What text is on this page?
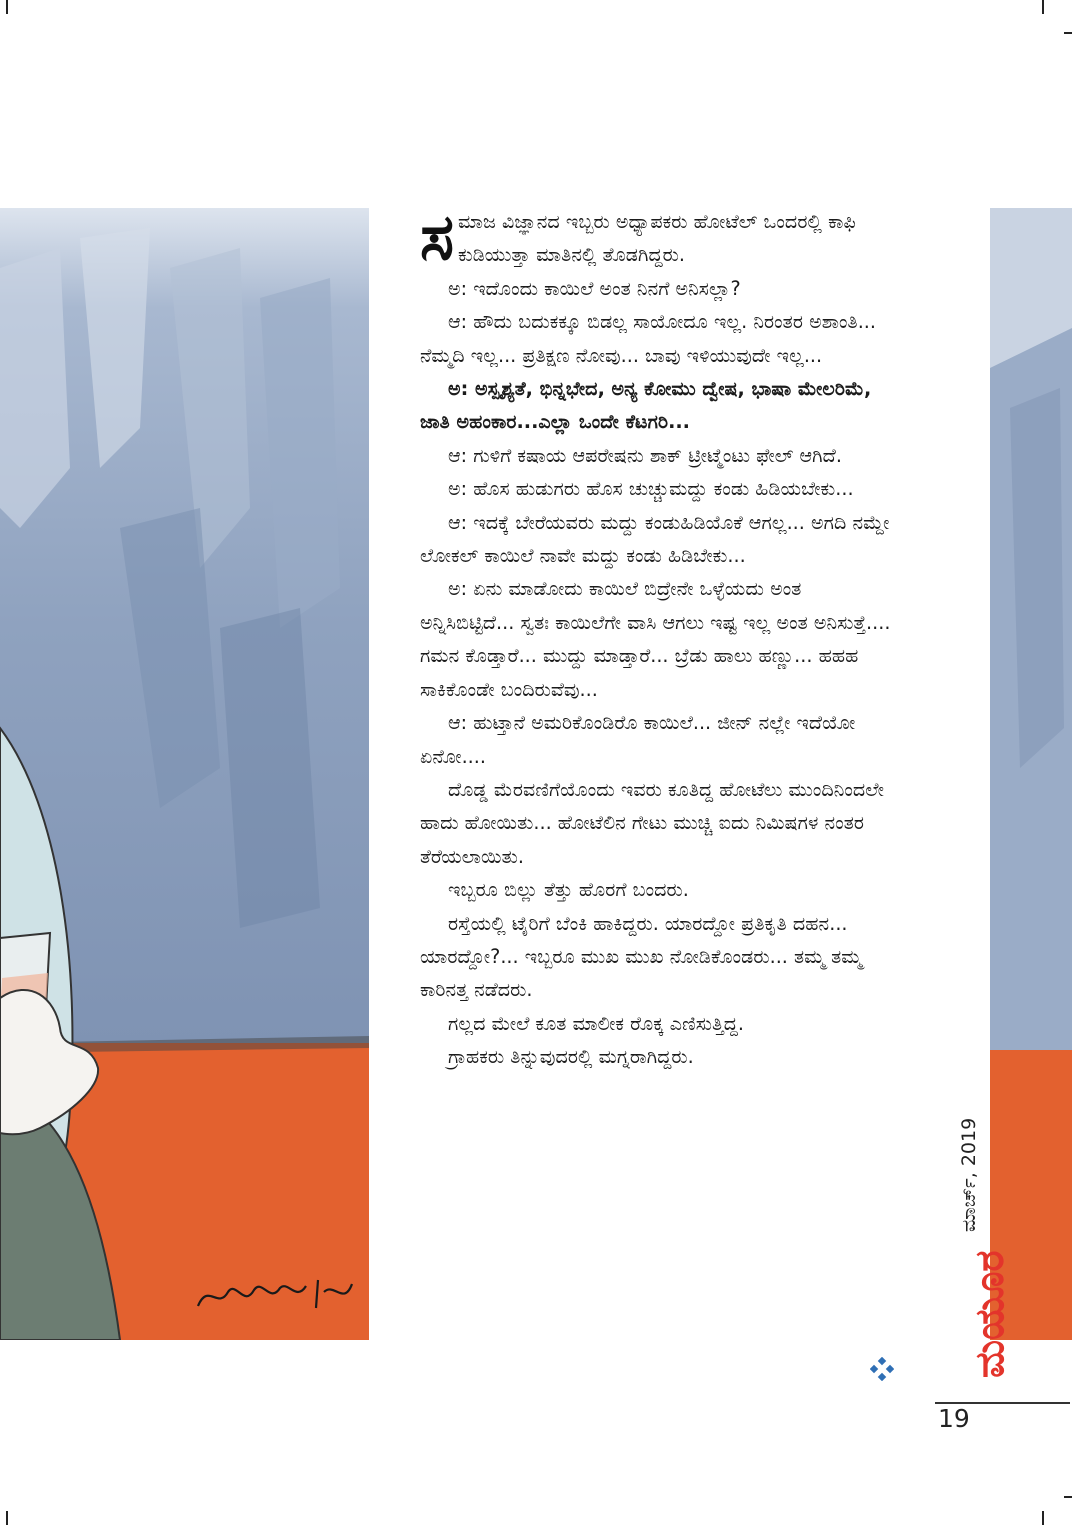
ಚಿತ್ರ: ಮಣಿ ಭಟ್

ಸಮಾಜ ವಿಜ್ಞಾನದ ಇಬ್ಬರು ಅಧ್ಯಾಪಕರು ಹೋಟೆಲ್ ಒಂದರಲ್ಲಿ ಕಾಫಿ ಕುಡಿಯುತ್ತಾ ಮಾತಿನಲ್ಲಿ ತೊಡಗಿದ್ದರು.

ಅ: ಇದೊಂದು ಕಾಯಿಲೆ ಅಂತ ನಿನಗೆ ಅನಿಸಲ್ಲಾ?

ಆ: ಹೌದು ಬದುಕಕ್ಕೂ ಬಿಡಲ್ಲ ಸಾಯೋದೂ ಇಲ್ಲ. ನಿರಂತರ ಅಶಾಂತಿ... ನೆಮ್ಮದಿ ಇಲ್ಲ... ಪ್ರತಿಕ್ಷಣ ನೋವು... ಬಾವು ಇಳಿಯುವುದೇ ಇಲ್ಲ...

ಅ: ಅಸ್ಪೃಶ್ಯತೆ, ಭಿನ್ನಭೇದ, ಅನ್ಯ ಕೋಮು ದ್ವೇಷ, ಭಾಷಾ ಮೇಲರಿಮೆ, ಜಾತಿ ಅಹಂಕಾರ...ಎಲ್ಲಾ ಒಂದೇ ಕೆಟಗರಿ...

ಆ: ಗುಳಿಗೆ ಕಷಾಯ ಆಪರೇಷನು ಶಾಕ್ ಟ್ರೀಟ್ಮೆಂಟು ಫೇಲ್ ಆಗಿದೆ.

ಅ: ಹೊಸ ಹುಡುಗರು ಹೊಸ ಚುಚ್ಚುಮದ್ದು ಕಂಡು ಹಿಡಿಯಬೇಕು...

ಆ: ಇದಕ್ಕೆ ಬೇರೆಯವರು ಮದ್ದು ಕಂಡುಹಿಡಿಯೊಕೆ ಆಗಲ್ಲ... ಅಗದಿ ನಮ್ದೇ ಲೋಕಲ್ ಕಾಯಿಲೆ ನಾವೇ ಮದ್ದು ಕಂಡು ಹಿಡಿಬೇಕು...

ಅ: ಏನು ಮಾಡೋದು ಕಾಯಿಲೆ ಬಿದ್ರೇನೇ ಒಳ್ಳೆಯದು ಅಂತ ಅನ್ನಿಸಿಬಿಟ್ಟಿದೆ... ಸ್ವತಃ ಕಾಯಿಲೆಗೇ ವಾಸಿ ಆಗಲು ಇಷ್ಟ ಇಲ್ಲ ಅಂತ ಅನಿಸುತ್ತೆ.... ಗಮನ ಕೊಡ್ತಾರೆ... ಮುದ್ದು ಮಾಡ್ತಾರೆ... ಬ್ರೆಡು ಹಾಲು ಹಣ್ಣು... ಹಹಹ ಸಾಕಿಕೊಂಡೇ ಬಂದಿರುವೆವು...

ಆ: ಹುಟ್ತಾನೆ ಅಮರಿಕೊಂಡಿರೊ ಕಾಯಿಲೆ... ಜೀನ್ ನಲ್ಲೇ ಇದೆಯೋ ಏನೋ....

ದೊಡ್ಡ ಮೆರವಣಿಗೆಯೊಂದು ಇವರು ಕೂತಿದ್ದ ಹೋಟೆಲು ಮುಂದಿನಿಂದಲೇ ಹಾದು ಹೋಯಿತು... ಹೋಟೆಲಿನ ಗೇಟು ಮುಚ್ಚಿ ಐದು ನಿಮಿಷಗಳ ನಂತರ ತೆರೆಯಲಾಯಿತು.

ಇಬ್ಬರೂ ಬಿಲ್ಲು ತೆತ್ತು ಹೊರಗೆ ಬಂದರು.

ರಸ್ತೆಯಲ್ಲಿ ಟೈರಿಗೆ ಬೆಂಕಿ ಹಾಕಿದ್ದರು. ಯಾರದ್ದೋ ಪ್ರತಿಕೃತಿ ದಹನ... ಯಾರದ್ದೋ?... ಇಬ್ಬರೂ ಮುಖ ಮುಖ ನೋಡಿಕೊಂಡರು... ತಮ್ಮ ತಮ್ಮ ಕಾರಿನತ್ತ ನಡೆದರು.

ಗಲ್ಲದ ಮೇಲೆ ಕೂತ ಮಾಲೀಕ ರೊಕ್ಕ ಎಣಿಸುತ್ತಿದ್ದ.

ಗ್ರಾಹಕರು ತಿನ್ನುವುದರಲ್ಲಿ ಮಗ್ನರಾಗಿದ್ದರು.

ಮಾರ್ಚ್, 2019
ಮಯೂರ
19
